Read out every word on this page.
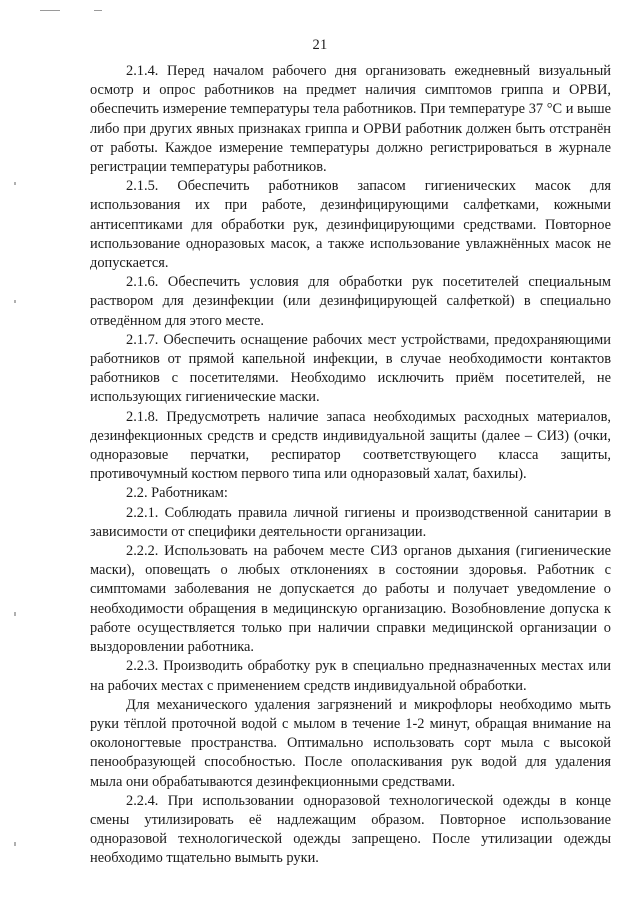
21

2.1.4. Перед началом рабочего дня организовать ежедневный визуальный осмотр и опрос работников на предмет наличия симптомов гриппа и ОРВИ, обеспечить измерение температуры тела работников. При температуре 37 °С и выше либо при других явных признаках гриппа и ОРВИ работник должен быть отстранён от работы. Каждое измерение температуры должно регистрироваться в журнале регистрации температуры работников.

2.1.5. Обеспечить работников запасом гигиенических масок для использования их при работе, дезинфицирующими салфетками, кожными антисептиками для обработки рук, дезинфицирующими средствами. Повторное использование одноразовых масок, а также использование увлажнённых масок не допускается.

2.1.6. Обеспечить условия для обработки рук посетителей специальным раствором для дезинфекции (или дезинфицирующей салфеткой) в специально отведённом для этого месте.

2.1.7. Обеспечить оснащение рабочих мест устройствами, предохраняющими работников от прямой капельной инфекции, в случае необходимости контактов работников с посетителями. Необходимо исключить приём посетителей, не использующих гигиенические маски.

2.1.8. Предусмотреть наличие запаса необходимых расходных материалов, дезинфекционных средств и средств индивидуальной защиты (далее – СИЗ) (очки, одноразовые перчатки, респиратор соответствующего класса защиты, противочумный костюм первого типа или одноразовый халат, бахилы).

2.2. Работникам:

2.2.1. Соблюдать правила личной гигиены и производственной санитарии в зависимости от специфики деятельности организации.

2.2.2. Использовать на рабочем месте СИЗ органов дыхания (гигиенические маски), оповещать о любых отклонениях в состоянии здоровья. Работник с симптомами заболевания не допускается до работы и получает уведомление о необходимости обращения в медицинскую организацию. Возобновление допуска к работе осуществляется только при наличии справки медицинской организации о выздоровлении работника.

2.2.3. Производить обработку рук в специально предназначенных местах или на рабочих местах с применением средств индивидуальной обработки.

Для механического удаления загрязнений и микрофлоры необходимо мыть руки тёплой проточной водой с мылом в течение 1-2 минут, обращая внимание на околоногтевые пространства. Оптимально использовать сорт мыла с высокой пенообразующей способностью. После ополаскивания рук водой для удаления мыла они обрабатываются дезинфекционными средствами.

2.2.4. При использовании одноразовой технологической одежды в конце смены утилизировать её надлежащим образом. Повторное использование одноразовой технологической одежды запрещено. После утилизации одежды необходимо тщательно вымыть руки.
